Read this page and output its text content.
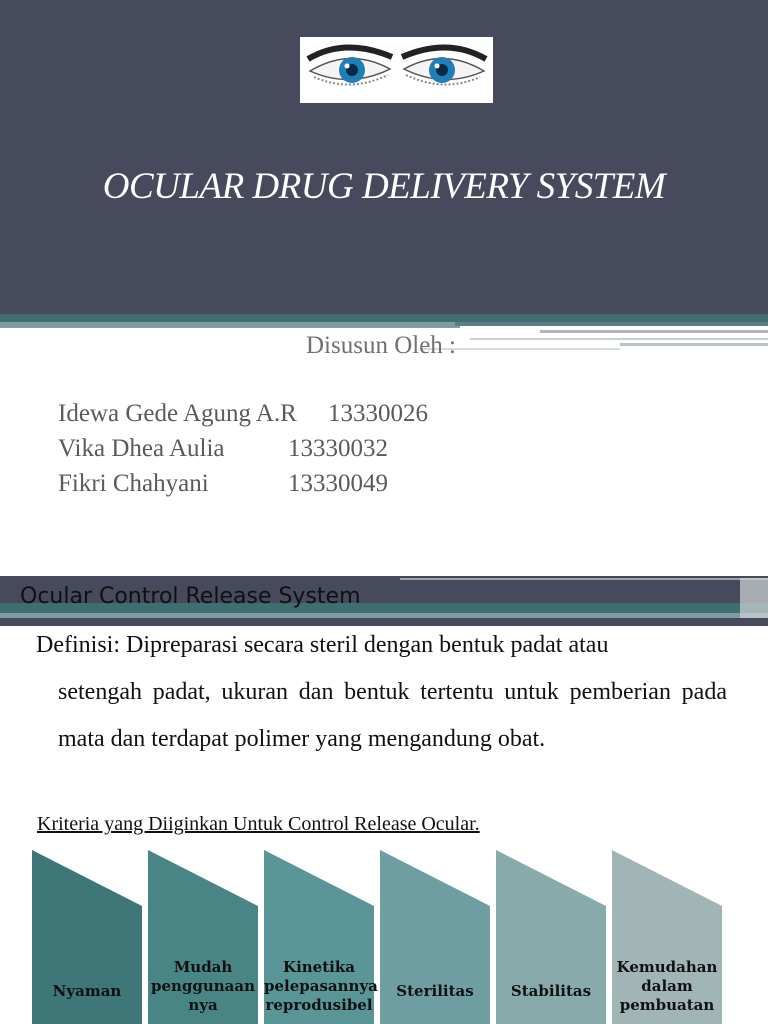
OCULAR DRUG DELIVERY SYSTEM
Disusun Oleh :
Idewa Gede Agung A.R 13330026
Vika Dhea Aulia	13330032
Fikri Chahyani	13330049
Ocular Control Release System

Definisi: Dipreparasi secara steril dengan bentuk padat atau

setengah padat, ukuran dan bentuk tertentu untuk pemberian pada mata dan terdapat polimer yang mengandung obat.

Kriteria yang Diiginkan Untuk Control Release Ocular.
Nyaman
Mudah penggunaan nya
Kinetika pelepasannya reprodusibel
Sterilitas	Stabilitas
Kemudahan dalam pembuatan
